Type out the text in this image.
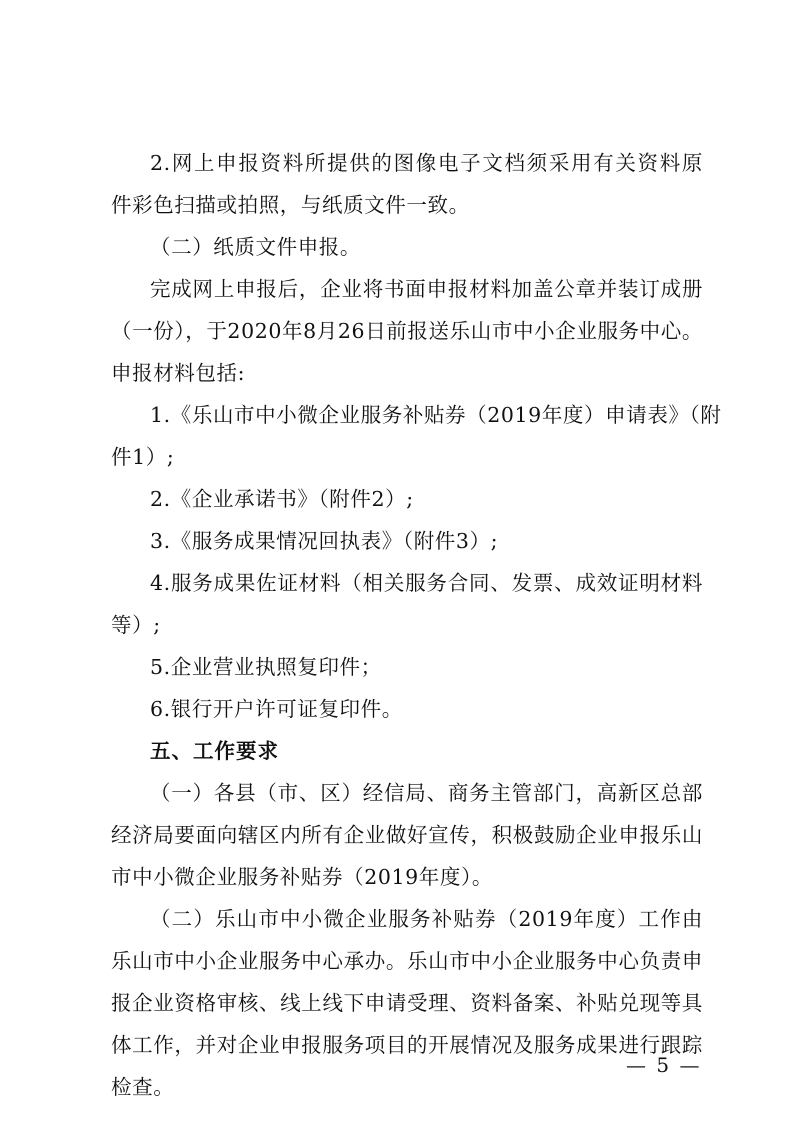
2.网上申报资料所提供的图像电子文档须采用有关资料原
件彩色扫描或拍照，与纸质文件一致。
（二）纸质文件申报。
完成网上申报后，企业将书面申报材料加盖公章并装订成册
（一份），于2020年8月26日前报送乐山市中小企业服务中心。
申报材料包括:
1.《乐山市中小微企业服务补贴券（2019年度）申请表》（附
件1）;
2.《企业承诺书》（附件2）;
3.《服务成果情况回执表》（附件3）;
4.服务成果佐证材料（相关服务合同、发票、成效证明材料
等）;
5.企业营业执照复印件；
6.银行开户许可证复印件。
五、工作要求
（一）各县（市、区）经信局、商务主管部门，高新区总部
经济局要面向辖区内所有企业做好宣传，积极鼓励企业申报乐山
市中小微企业服务补贴券（2019年度）。
（二）乐山市中小微企业服务补贴券（2019年度）工作由
乐山市中小企业服务中心承办。乐山市中小企业服务中心负责申
报企业资格审核、线上线下申请受理、资料备案、补贴兑现等具
体工作，并对企业申报服务项目的开展情况及服务成果进行跟踪
检查。
— 5 —
